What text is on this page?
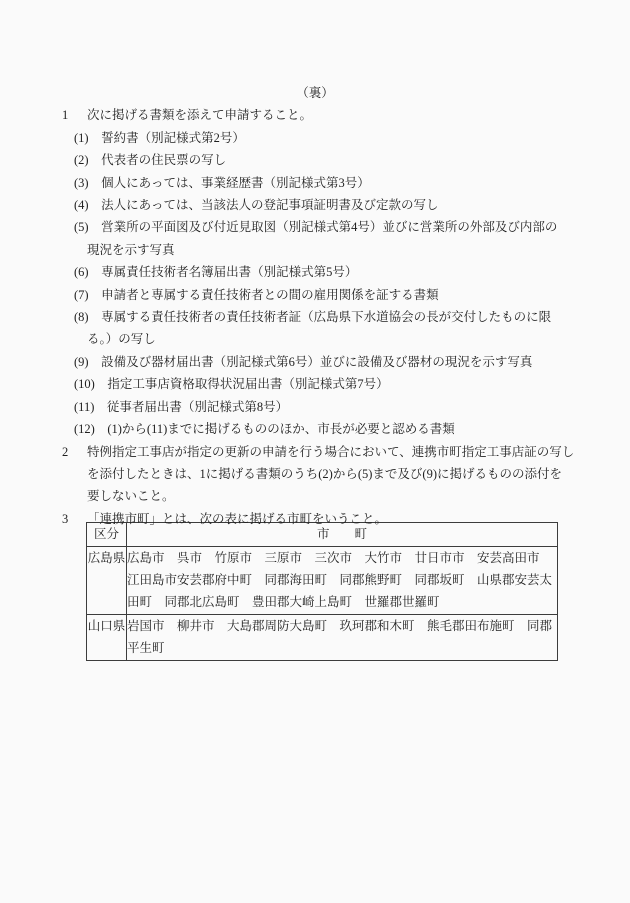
（裏）
1	次に掲げる書類を添えて申請すること。
(1)　誓約書（別記様式第2号）
(2)　代表者の住民票の写し
(3)　個人にあっては、事業経歴書（別記様式第3号）
(4)　法人にあっては、当該法人の登記事項証明書及び定款の写し
(5)　営業所の平面図及び付近見取図（別記様式第4号）並びに営業所の外部及び内部の
現況を示す写真
(6)　専属責任技術者名簿届出書（別記様式第5号）
(7)　申請者と専属する責任技術者との間の雇用関係を証する書類
(8)　専属する責任技術者の責任技術者証（広島県下水道協会の長が交付したものに限
る。）の写し
(9)　設備及び器材届出書（別記様式第6号）並びに設備及び器材の現況を示す写真
(10)　指定工事店資格取得状況届出書（別記様式第7号）
(11)　従事者届出書（別記様式第8号）
(12)　(1)から(11)までに掲げるもののほか、市長が必要と認める書類
2	特例指定工事店が指定の更新の申請を行う場合において、連携市町指定工事店証の写し
を添付したときは、1に掲げる書類のうち(2)から(5)まで及び(9)に掲げるものの添付を
要しないこと。
3	「連携市町」とは、次の表に掲げる市町をいうこと。
区分	市　　町
広島県	広島市　呉市　竹原市　三原市　三次市　大竹市　廿日市市　安芸高田市
江田島市安芸郡府中町　同郡海田町　同郡熊野町　同郡坂町　山県郡安芸太
田町　同郡北広島町　豊田郡大崎上島町　世羅郡世羅町

山口県	岩国市　柳井市　大島郡周防大島町　玖珂郡和木町　熊毛郡田布施町　同郡
平生町
